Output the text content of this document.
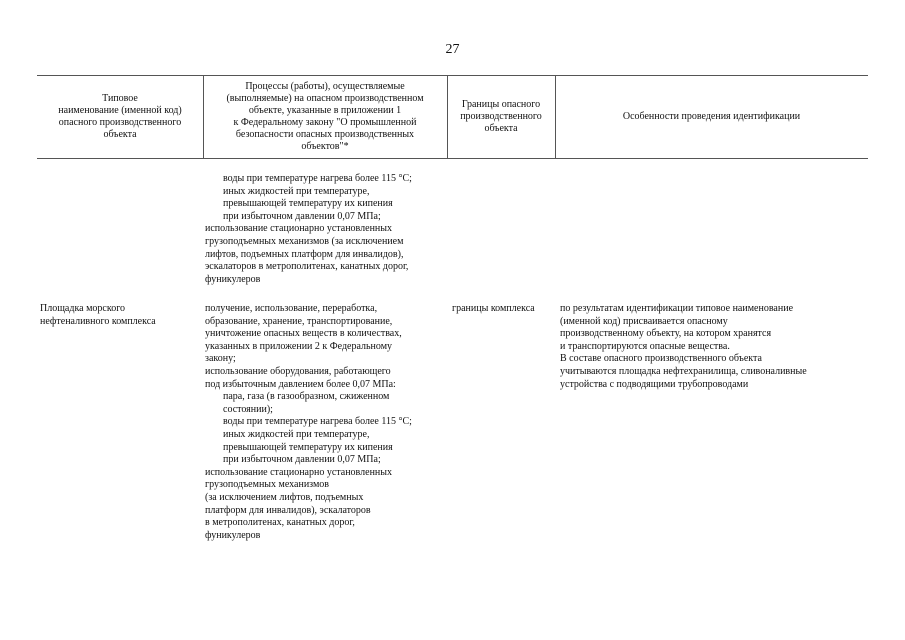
27
Типовое
наименование (именной код)
опасного производственного
объекта
Процессы (работы), осуществляемые
(выполняемые) на опасном производственном
объекте, указанные в приложении 1
к Федеральному закону "О промышленной
безопасности опасных производственных
объектов"*
Границы опасного
производственного
объекта
Особенности проведения идентификации
воды при температуре нагрева более 115 °C;
иных жидкостей при температуре,
превышающей температуру их кипения
при избыточном давлении 0,07 МПа;
использование стационарно установленных
грузоподъемных механизмов (за исключением
лифтов, подъемных платформ для инвалидов),
эскалаторов в метрополитенах, канатных дорог,
фуникулеров
Площадка морского
нефтеналивного комплекса
получение, использование, переработка,
образование, хранение, транспортирование,
уничтожение опасных веществ в количествах,
указанных в приложении 2 к Федеральному
закону;
использование оборудования, работающего
под избыточным давлением более 0,07 МПа:
пара, газа (в газообразном, сжиженном
состоянии);
воды при температуре нагрева более 115 °C;
иных жидкостей при температуре,
превышающей температуру их кипения
при избыточном давлении 0,07 МПа;
использование стационарно установленных
грузоподъемных механизмов
(за исключением лифтов, подъемных
платформ для инвалидов), эскалаторов
в метрополитенах, канатных дорог,
фуникулеров
границы комплекса	по результатам идентификации типовое наименование
(именной код) присваивается опасному
производственному объекту, на котором хранятся
и транспортируются опасные вещества.
В составе опасного производственного объекта
учитываются площадка нефтехранилища, сливоналивные
устройства с подводящими трубопроводами
